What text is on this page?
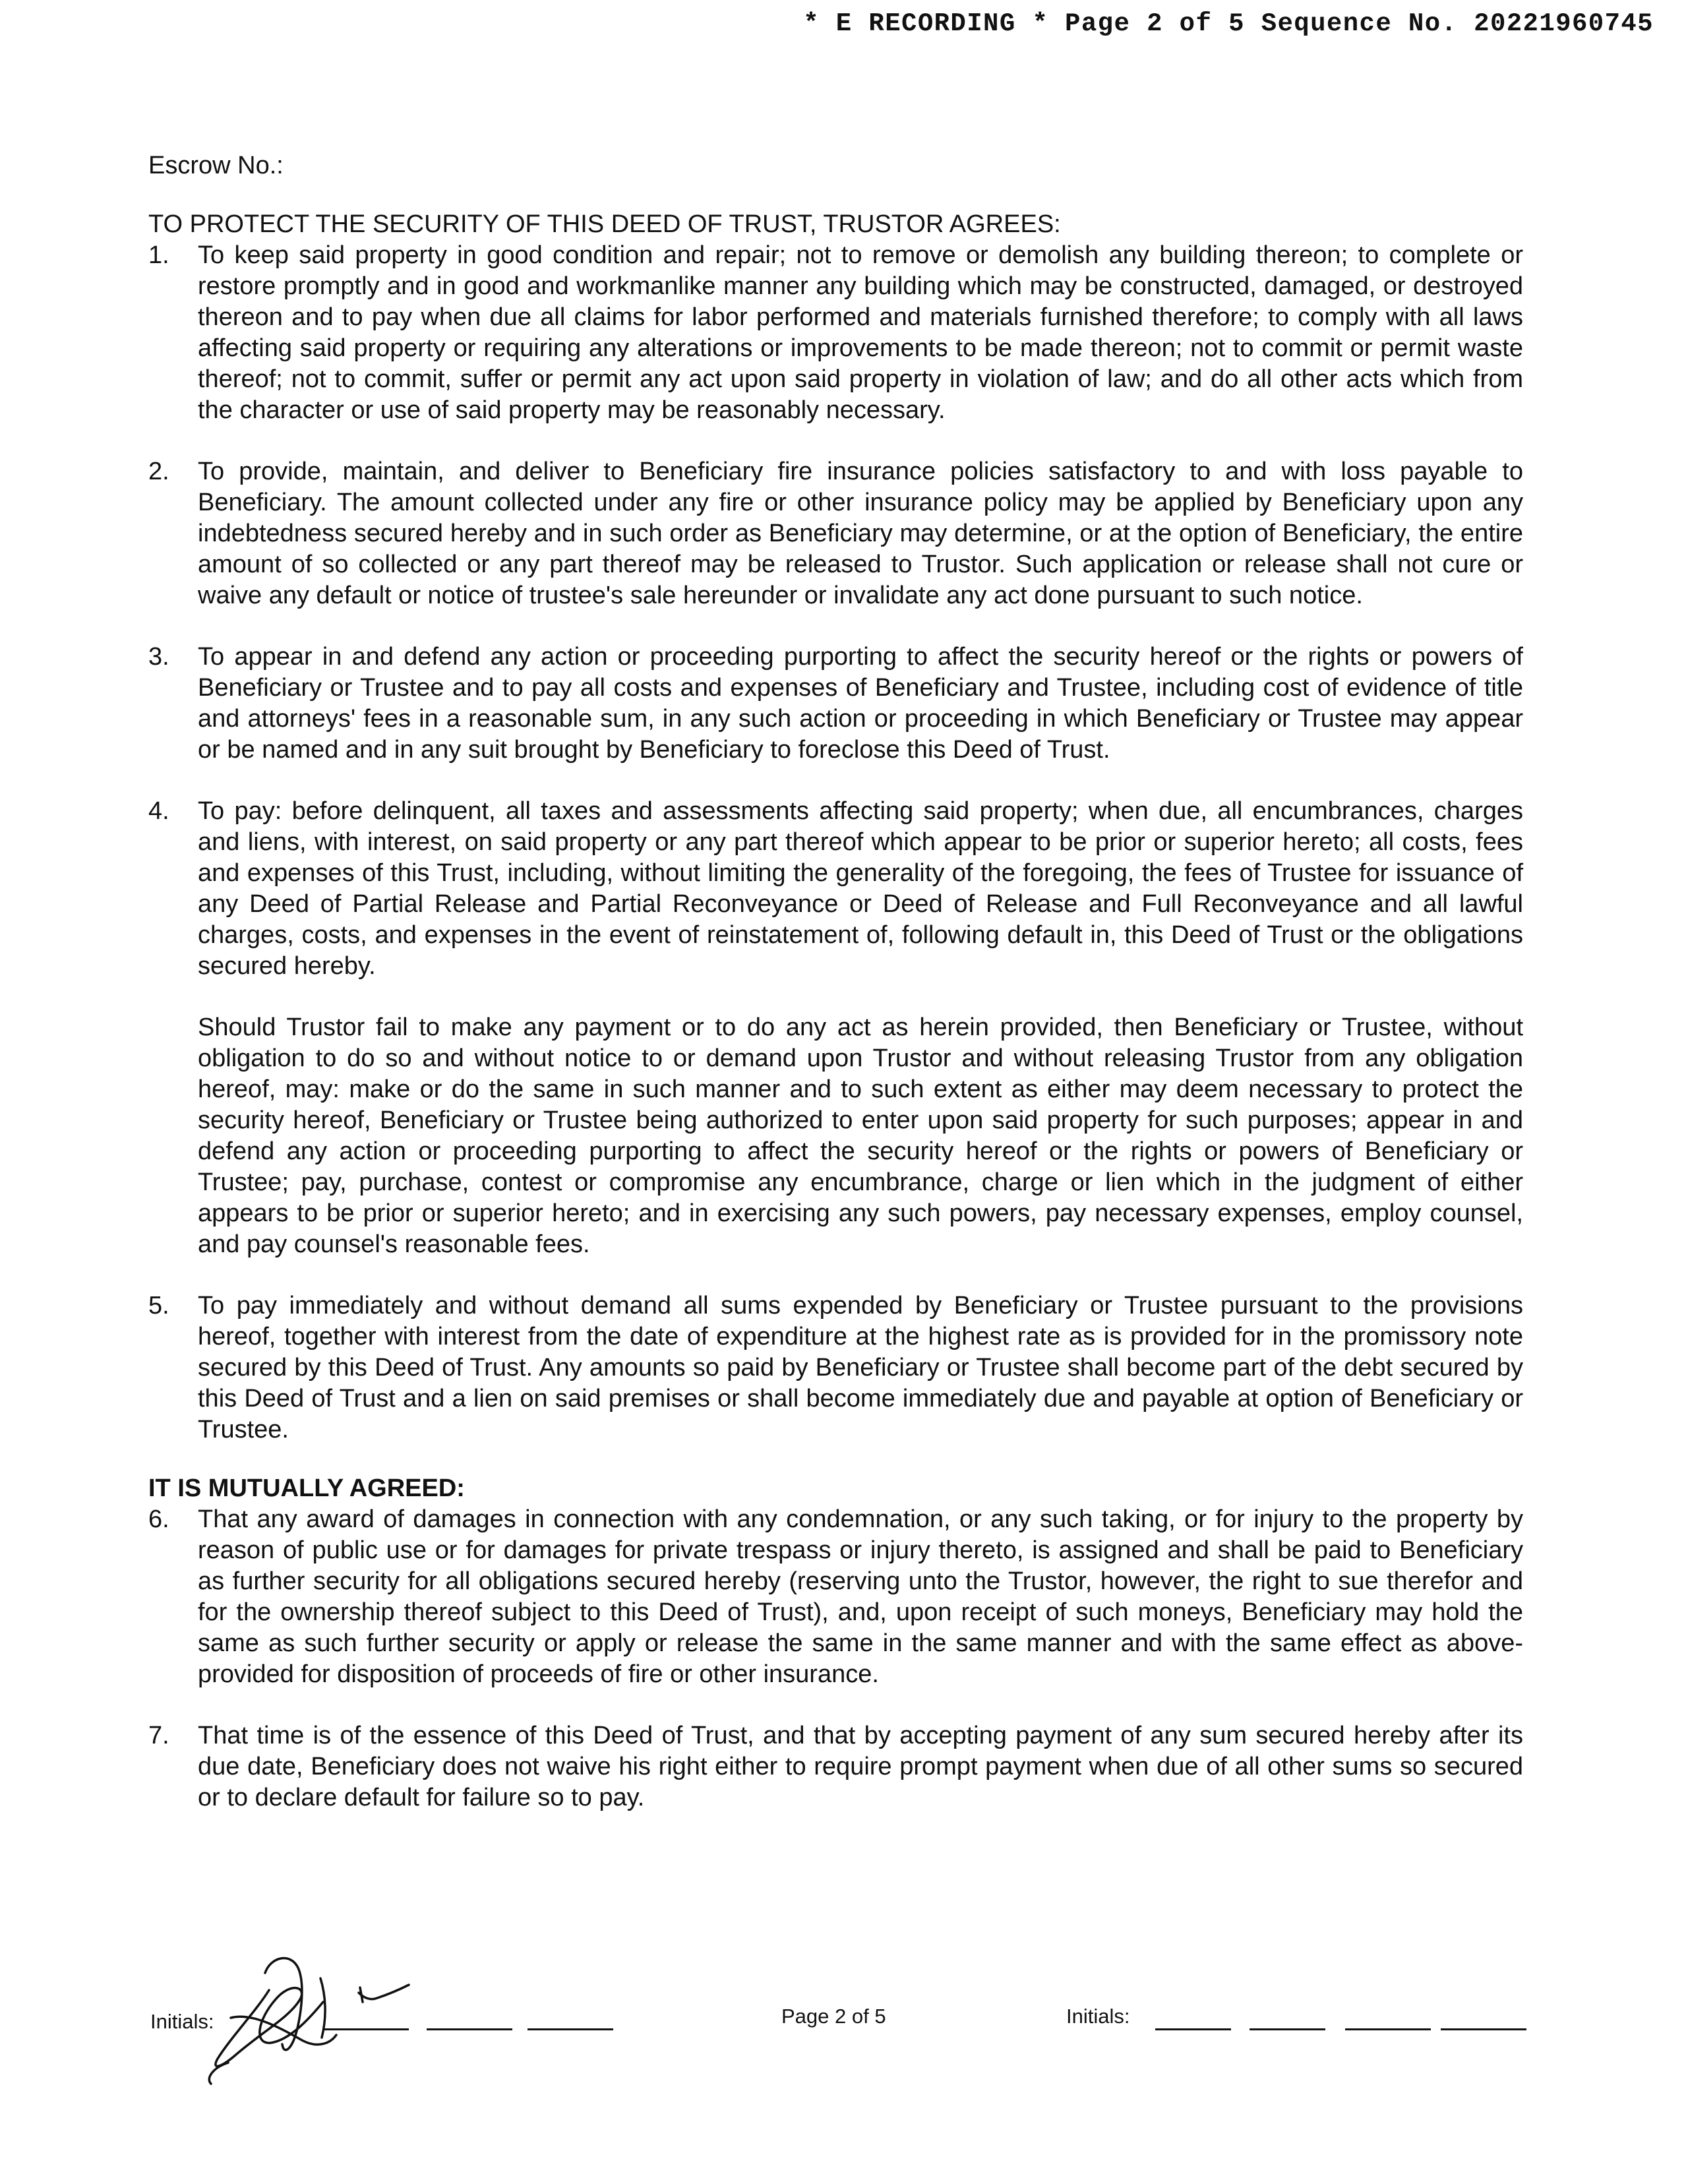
* E RECORDING * Page 2 of 5 Sequence No. 20221960745

Escrow No.:

TO PROTECT THE SECURITY OF THIS DEED OF TRUST, TRUSTOR AGREES:

1. To keep said property in good condition and repair; not to remove or demolish any building thereon; to complete or restore promptly and in good and workmanlike manner any building which may be constructed, damaged, or destroyed thereon and to pay when due all claims for labor performed and materials furnished therefore; to comply with all laws affecting said property or requiring any alterations or improvements to be made thereon; not to commit or permit waste thereof; not to commit, suffer or permit any act upon said property in violation of law; and do all other acts which from the character or use of said property may be reasonably necessary.
2. To provide, maintain, and deliver to Beneficiary fire insurance policies satisfactory to and with loss payable to Beneficiary. The amount collected under any fire or other insurance policy may be applied by Beneficiary upon any indebtedness secured hereby and in such order as Beneficiary may determine, or at the option of Beneficiary, the entire amount of so collected or any part thereof may be released to Trustor. Such application or release shall not cure or waive any default or notice of trustee's sale hereunder or invalidate any act done pursuant to such notice.
3. To appear in and defend any action or proceeding purporting to affect the security hereof or the rights or powers of Beneficiary or Trustee and to pay all costs and expenses of Beneficiary and Trustee, including cost of evidence of title and attorneys' fees in a reasonable sum, in any such action or proceeding in which Beneficiary or Trustee may appear or be named and in any suit brought by Beneficiary to foreclose this Deed of Trust.
4. To pay: before delinquent, all taxes and assessments affecting said property; when due, all encumbrances, charges and liens, with interest, on said property or any part thereof which appear to be prior or superior hereto; all costs, fees and expenses of this Trust, including, without limiting the generality of the foregoing, the fees of Trustee for issuance of any Deed of Partial Release and Partial Reconveyance or Deed of Release and Full Reconveyance and all lawful charges, costs, and expenses in the event of reinstatement of, following default in, this Deed of Trust or the obligations secured hereby.

Should Trustor fail to make any payment or to do any act as herein provided, then Beneficiary or Trustee, without obligation to do so and without notice to or demand upon Trustor and without releasing Trustor from any obligation hereof, may: make or do the same in such manner and to such extent as either may deem necessary to protect the security hereof, Beneficiary or Trustee being authorized to enter upon said property for such purposes; appear in and defend any action or proceeding purporting to affect the security hereof or the rights or powers of Beneficiary or Trustee; pay, purchase, contest or compromise any encumbrance, charge or lien which in the judgment of either appears to be prior or superior hereto; and in exercising any such powers, pay necessary expenses, employ counsel, and pay counsel's reasonable fees.

5. To pay immediately and without demand all sums expended by Beneficiary or Trustee pursuant to the provisions hereof, together with interest from the date of expenditure at the highest rate as is provided for in the promissory note secured by this Deed of Trust. Any amounts so paid by Beneficiary or Trustee shall become part of the debt secured by this Deed of Trust and a lien on said premises or shall become immediately due and payable at option of Beneficiary or Trustee.

IT IS MUTUALLY AGREED:

6. That any award of damages in connection with any condemnation, or any such taking, or for injury to the property by reason of public use or for damages for private trespass or injury thereto, is assigned and shall be paid to Beneficiary as further security for all obligations secured hereby (reserving unto the Trustor, however, the right to sue therefor and for the ownership thereof subject to this Deed of Trust), and, upon receipt of such moneys, Beneficiary may hold the same as such further security or apply or release the same in the same manner and with the same effect as above-provided for disposition of proceeds of fire or other insurance.
7. That time is of the essence of this Deed of Trust, and that by accepting payment of any sum secured hereby after its due date, Beneficiary does not waive his right either to require prompt payment when due of all other sums so secured or to declare default for failure so to pay.
Initials:	Page 2 of 5	Initials:
